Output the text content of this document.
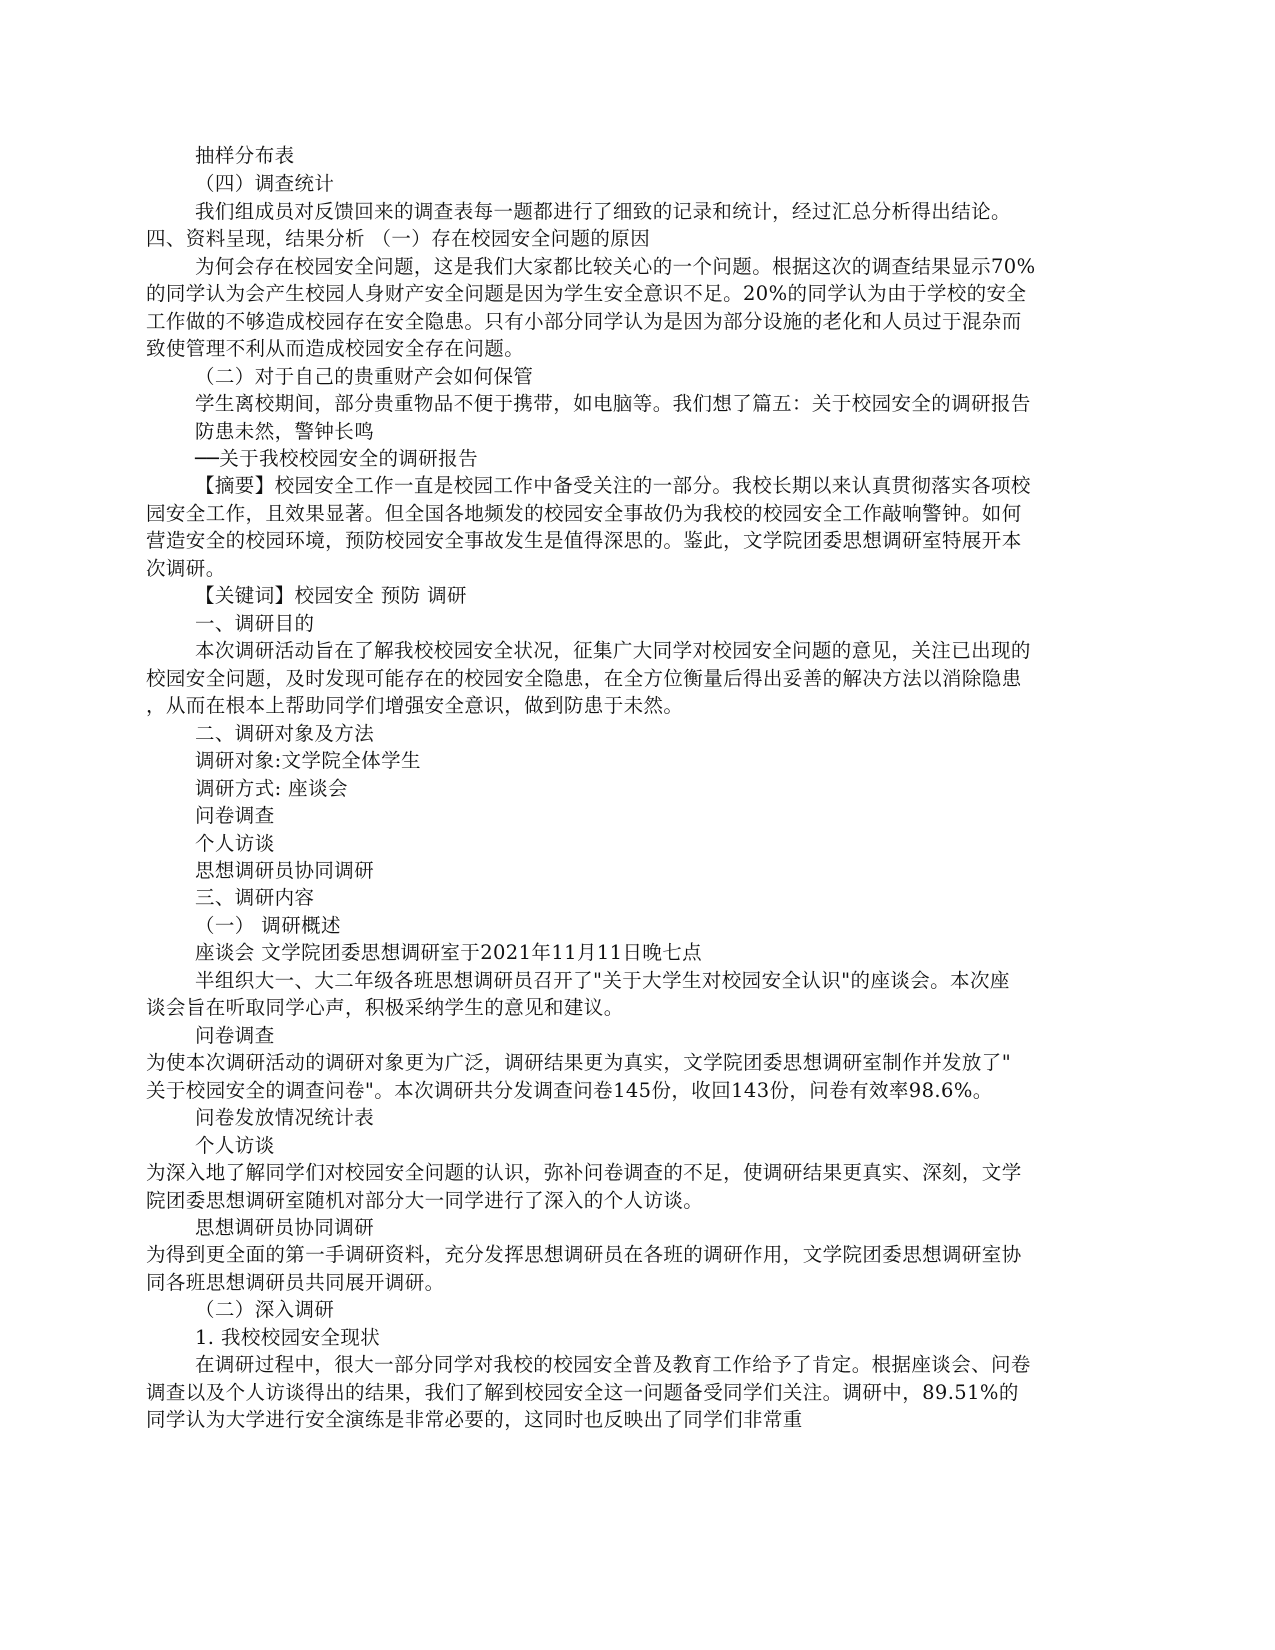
抽样分布表
（四）调查统计
我们组成员对反馈回来的调查表每一题都进行了细致的记录和统计，经过汇总分析得出结论。
四、资料呈现，结果分析 （一）存在校园安全问题的原因
为何会存在校园安全问题，这是我们大家都比较关心的一个问题。根据这次的调查结果显示70%
的同学认为会产生校园人身财产安全问题是因为学生安全意识不足。20%的同学认为由于学校的安全
工作做的不够造成校园存在安全隐患。只有小部分同学认为是因为部分设施的老化和人员过于混杂而
致使管理不利从而造成校园安全存在问题。
（二）对于自己的贵重财产会如何保管
学生离校期间，部分贵重物品不便于携带，如电脑等。我们想了篇五：关于校园安全的调研报告
防患未然，警钟长鸣
──关于我校校园安全的调研报告
【摘要】校园安全工作一直是校园工作中备受关注的一部分。我校长期以来认真贯彻落实各项校
园安全工作，且效果显著。但全国各地频发的校园安全事故仍为我校的校园安全工作敲响警钟。如何
营造安全的校园环境，预防校园安全事故发生是值得深思的。鉴此，文学院团委思想调研室特展开本
次调研。
【关键词】校园安全 预防 调研
一、调研目的
本次调研活动旨在了解我校校园安全状况，征集广大同学对校园安全问题的意见，关注已出现的
校园安全问题，及时发现可能存在的校园安全隐患，在全方位衡量后得出妥善的解决方法以消除隐患
，从而在根本上帮助同学们增强安全意识，做到防患于未然。
二、调研对象及方法
调研对象:文学院全体学生
调研方式: 座谈会
问卷调查
个人访谈
思想调研员协同调研
三、调研内容
（一） 调研概述
座谈会 文学院团委思想调研室于2021年11月11日晚七点
半组织大一、大二年级各班思想调研员召开了"关于大学生对校园安全认识"的座谈会。本次座
谈会旨在听取同学心声，积极采纳学生的意见和建议。
问卷调查
为使本次调研活动的调研对象更为广泛，调研结果更为真实，文学院团委思想调研室制作并发放了"
关于校园安全的调查问卷"。本次调研共分发调查问卷145份，收回143份，问卷有效率98.6%。
问卷发放情况统计表
个人访谈
为深入地了解同学们对校园安全问题的认识，弥补问卷调查的不足，使调研结果更真实、深刻，文学
院团委思想调研室随机对部分大一同学进行了深入的个人访谈。
思想调研员协同调研
为得到更全面的第一手调研资料，充分发挥思想调研员在各班的调研作用，文学院团委思想调研室协
同各班思想调研员共同展开调研。
（二）深入调研
1. 我校校园安全现状
在调研过程中，很大一部分同学对我校的校园安全普及教育工作给予了肯定。根据座谈会、问卷
调查以及个人访谈得出的结果，我们了解到校园安全这一问题备受同学们关注。调研中，89.51%的
同学认为大学进行安全演练是非常必要的，这同时也反映出了同学们非常重
